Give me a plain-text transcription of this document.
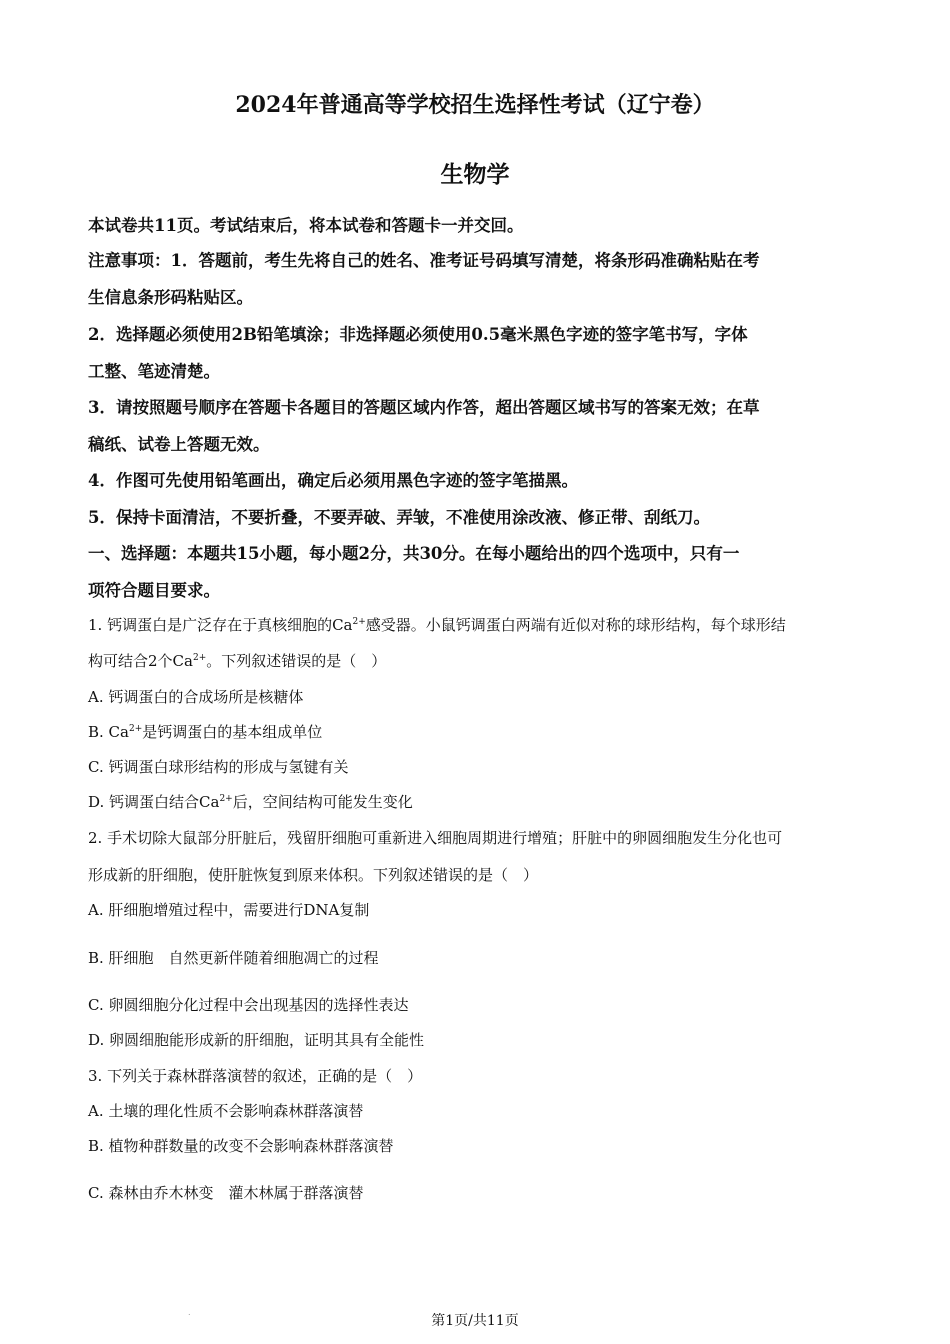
2024年普通高等学校招生选择性考试（辽宁卷）
生物学
本试卷共11页。考试结束后，将本试卷和答题卡一并交回。
注意事项：1．答题前，考生先将自己的姓名、准考证号码填写清楚，将条形码准确粘贴在考
生信息条形码粘贴区。
2．选择题必须使用2B铅笔填涂；非选择题必须使用0.5毫米黑色字迹的签字笔书写，字体
工整、笔迹清楚。
3．请按照题号顺序在答题卡各题目的答题区域内作答，超出答题区域书写的答案无效；在草
稿纸、试卷上答题无效。
4．作图可先使用铅笔画出，确定后必须用黑色字迹的签字笔描黑。
5．保持卡面清洁，不要折叠，不要弄破、弄皱，不准使用涂改液、修正带、刮纸刀。
一、选择题：本题共15小题，每小题2分，共30分。在每小题给出的四个选项中，只有一
项符合题目要求。
1. 钙调蛋白是广泛存在于真核细胞的$Ca^{2+}$感受器。小鼠钙调蛋白两端有近似对称的球形结构，每个球形结
构可结合2个$Ca^{2+}$。下列叙述错误的是（　）
A. 钙调蛋白的合成场所是核糖体
B. $Ca^{2+}$是钙调蛋白的基本组成单位
C. 钙调蛋白球形结构的形成与氢键有关
D. 钙调蛋白结合$Ca^{2+}$后，空间结构可能发生变化
2. 手术切除大鼠部分肝脏后，残留肝细胞可重新进入细胞周期进行增殖；肝脏中的卵圆细胞发生分化也可
形成新的肝细胞，使肝脏恢复到原来体积。下列叙述错误的是（　）
A. 肝细胞增殖过程中，需要进行DNA复制
B. 肝细胞　自然更新伴随着细胞凋亡的过程
C. 卵圆细胞分化过程中会出现基因的选择性表达
D. 卵圆细胞能形成新的肝细胞，证明其具有全能性
3. 下列关于森林群落演替的叙述，正确的是（　）
A. 土壤的理化性质不会影响森林群落演替
B. 植物种群数量的改变不会影响森林群落演替
C. 森林由乔木林变　灌木林属于群落演替
.
第1页/共11页
